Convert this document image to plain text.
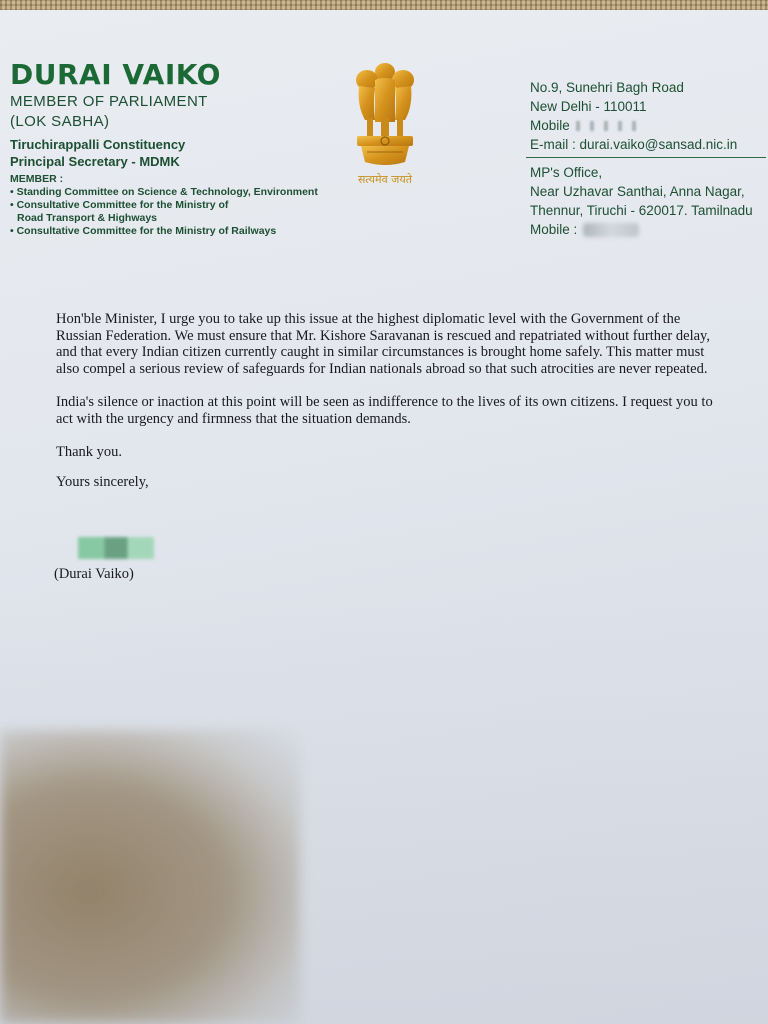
DURAI VAIKO
MEMBER OF PARLIAMENT
(LOK SABHA)
Tiruchirappalli Constituency
Principal Secretary - MDMK
MEMBER :
• Standing Committee on Science & Technology, Environment
• Consultative Committee for the Ministry of

Road Transport & Highways
• Consultative Committee for the Ministry of Railways
सत्यमेव जयते
No.9, Sunehri Bagh Road
New Delhi - 110011
Mobile
E-mail : durai.vaiko@sansad.nic.in
MP's Office,
Near Uzhavar Santhai, Anna Nagar,
Thennur, Tiruchi - 620017. Tamilnadu
Mobile :

Hon'ble Minister, I urge you to take up this issue at the highest diplomatic level with the Government of the Russian Federation. We must ensure that Mr. Kishore Saravanan is rescued and repatriated without further delay, and that every Indian citizen currently caught in similar circumstances is brought home safely. This matter must also compel a serious review of safeguards for Indian nationals abroad so that such atrocities are never repeated.

India's silence or inaction at this point will be seen as indifference to the lives of its own citizens. I request you to act with the urgency and firmness that the situation demands.

Thank you.

Yours sincerely,

(Durai Vaiko)
